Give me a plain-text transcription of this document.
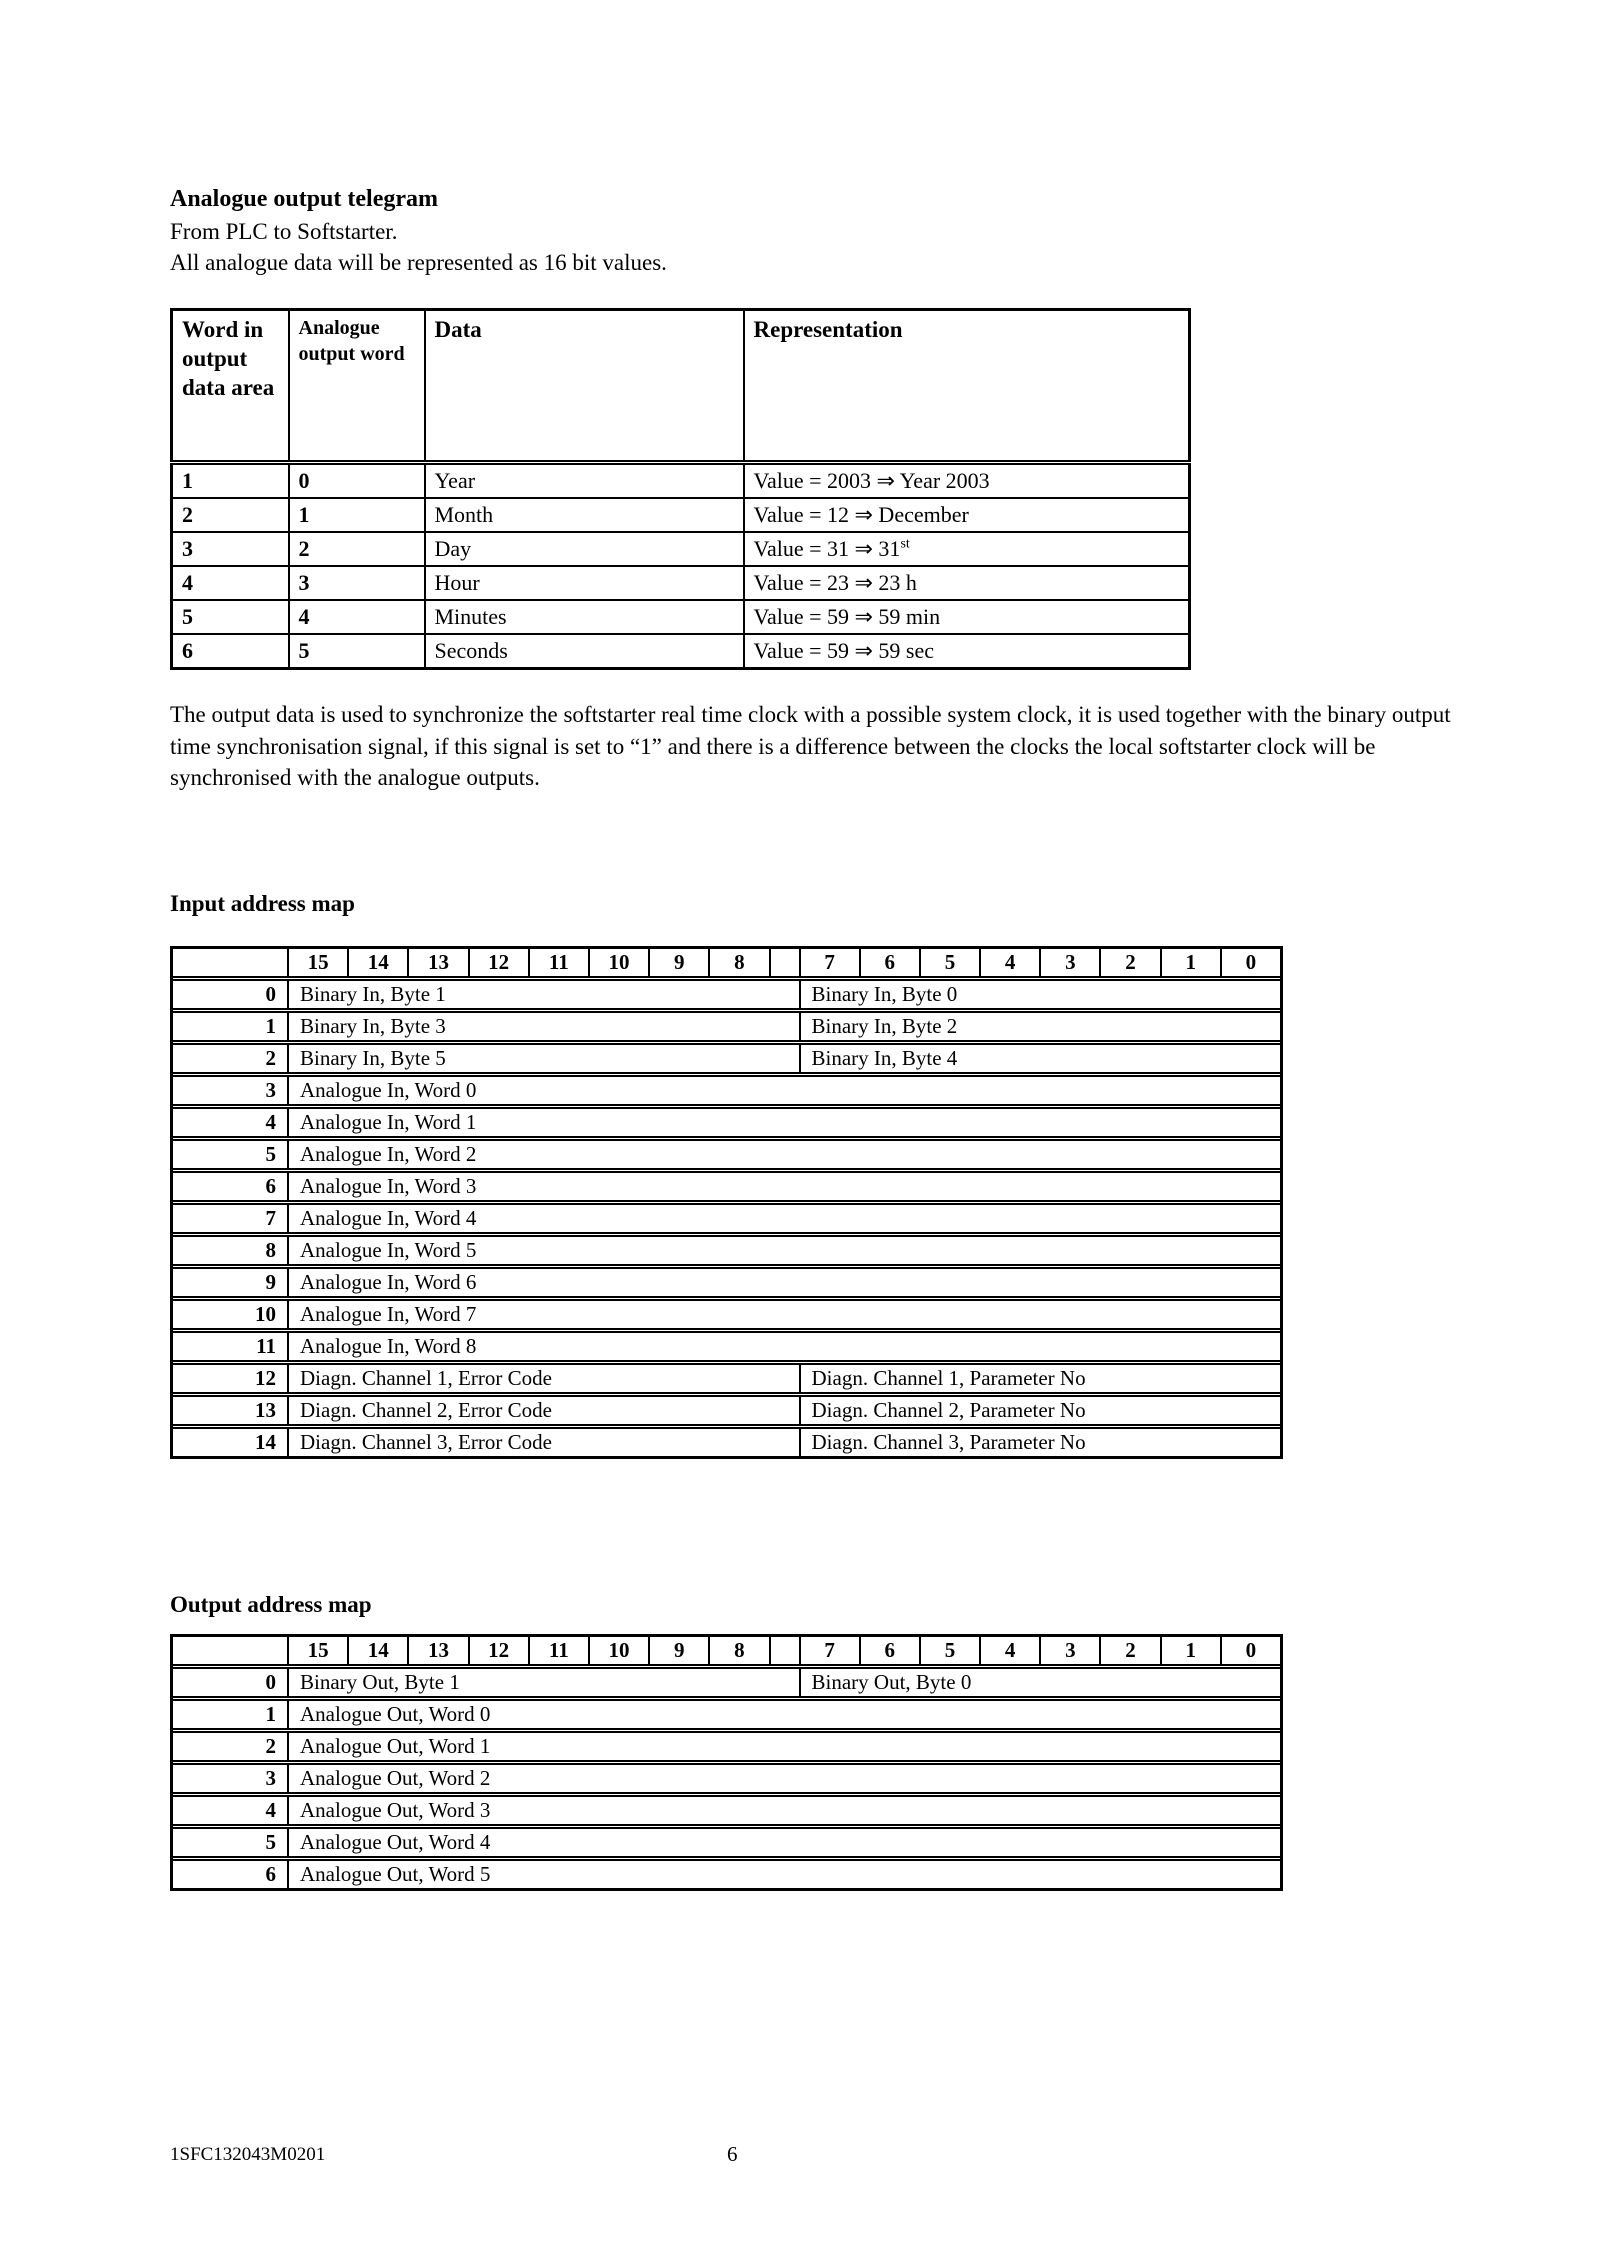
Analogue output telegram
From PLC to Softstarter.
All analogue data will be represented as 16 bit values.
Word in output data area	Analogue output word	Data	Representation
1	0	Year	Value = 2003 ⇒ Year 2003
2	1	Month	Value = 12 ⇒ December
3	2	Day	Value = 31 ⇒ 31st
4	3	Hour	Value = 23 ⇒ 23 h
5	4	Minutes	Value = 59 ⇒ 59 min
6	5	Seconds	Value = 59 ⇒ 59 sec
The output data is used to synchronize the softstarter real time clock with a possible system clock, it is used together with the binary output time synchronisation signal, if this signal is set to “1” and there is a difference between the clocks the local softstarter clock will be synchronised with the analogue outputs.
Input address map
15	14	13	12	11	10	9	8	7	6	5	4	3	2	1	0
0	Binary In, Byte 1	Binary In, Byte 0
1	Binary In, Byte 3	Binary In, Byte 2
2	Binary In, Byte 5	Binary In, Byte 4
3	Analogue In, Word 0
4	Analogue In, Word 1
5	Analogue In, Word 2
6	Analogue In, Word 3
7	Analogue In, Word 4
8	Analogue In, Word 5
9	Analogue In, Word 6
10	Analogue In, Word 7
11	Analogue In, Word 8
12	Diagn. Channel 1, Error Code	Diagn. Channel 1, Parameter No
13	Diagn. Channel 2, Error Code	Diagn. Channel 2, Parameter No
14	Diagn. Channel 3, Error Code	Diagn. Channel 3, Parameter No
Output address map
15	14	13	12	11	10	9	8	7	6	5	4	3	2	1	0
0	Binary Out, Byte 1	Binary Out, Byte 0
1	Analogue Out, Word 0
2	Analogue Out, Word 1
3	Analogue Out, Word 2
4	Analogue Out, Word 3
5	Analogue Out, Word 4
6	Analogue Out, Word 5
1SFC132043M0201	6
